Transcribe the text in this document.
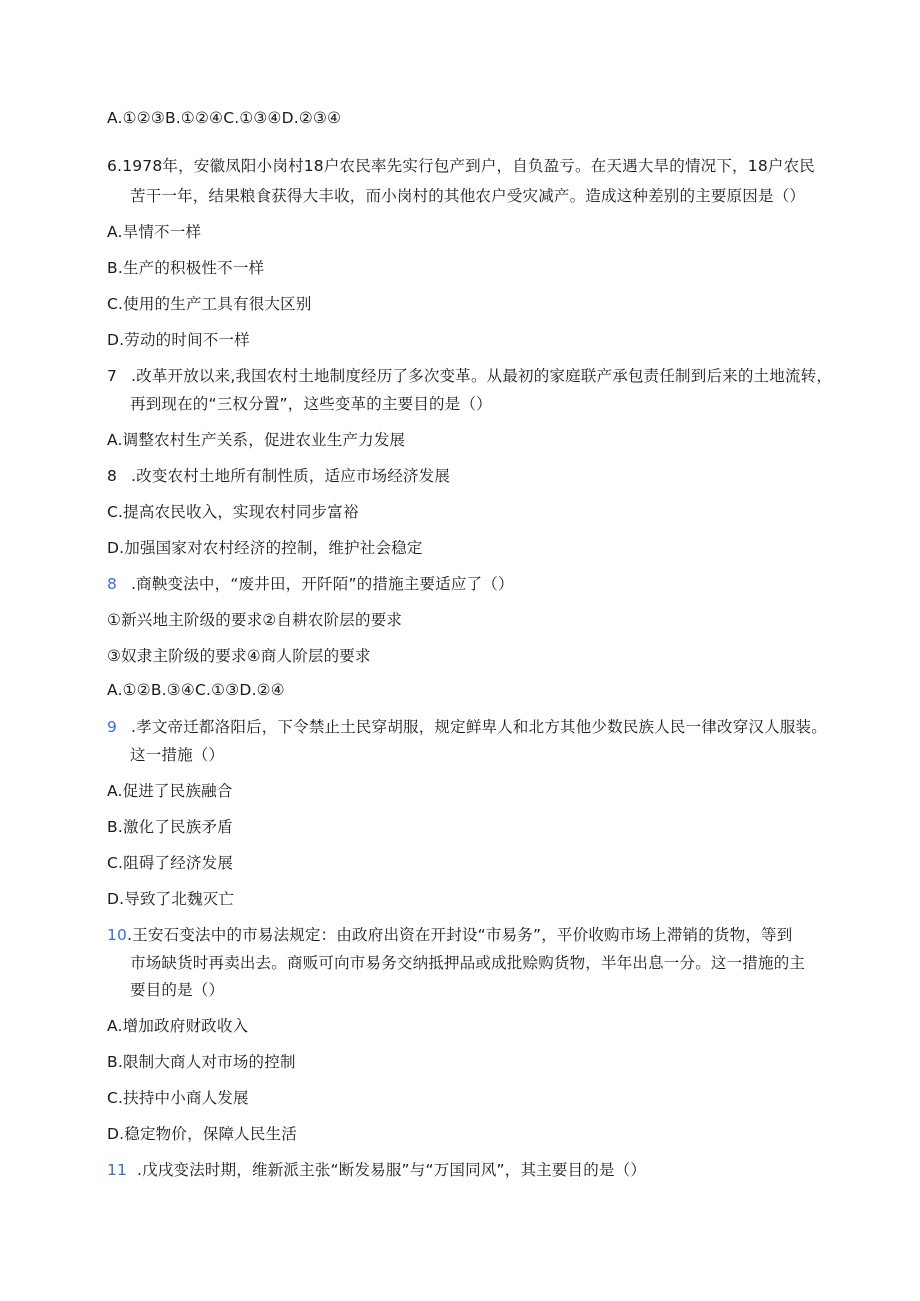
A.①②③B.①②④C.①③④D.②③④
6.1978年，安徽凤阳小岗村18户农民率先实行包产到户，自负盈亏。在天遇大旱的情况下，18户农民
苦干一年，结果粮食获得大丰收，而小岗村的其他农户受灾减产。造成这种差别的主要原因是（）
A.旱情不一样
B.生产的积极性不一样
C.使用的生产工具有很大区别
D.劳动的时间不一样
7 .改革开放以来,我国农村土地制度经历了多次变革。从最初的家庭联产承包责任制到后来的土地流转，
再到现在的“三权分置”，这些变革的主要目的是（）
A.调整农村生产关系，促进农业生产力发展
8 .改变农村土地所有制性质，适应市场经济发展
C.提高农民收入，实现农村同步富裕
D.加强国家对农村经济的控制，维护社会稳定
8 .商鞅变法中，“废井田，开阡陌”的措施主要适应了（）
①新兴地主阶级的要求②自耕农阶层的要求
③奴隶主阶级的要求④商人阶层的要求
A.①②B.③④C.①③D.②④
9 .孝文帝迁都洛阳后，下令禁止土民穿胡服，规定鲜卑人和北方其他少数民族人民一律改穿汉人服装。
这一措施（）
A.促进了民族融合
B.激化了民族矛盾
C.阻碍了经济发展
D.导致了北魏灭亡
10.王安石变法中的市易法规定：由政府出资在开封设“市易务”，平价收购市场上滞销的货物，等到
市场缺货时再卖出去。商贩可向市易务交纳抵押品或成批赊购货物，半年出息一分。这一措施的主
要目的是（）
A.增加政府财政收入
B.限制大商人对市场的控制
C.扶持中小商人发展
D.稳定物价，保障人民生活
11 .戊戌变法时期，维新派主张“断发易服”与“万国同风”，其主要目的是（）
